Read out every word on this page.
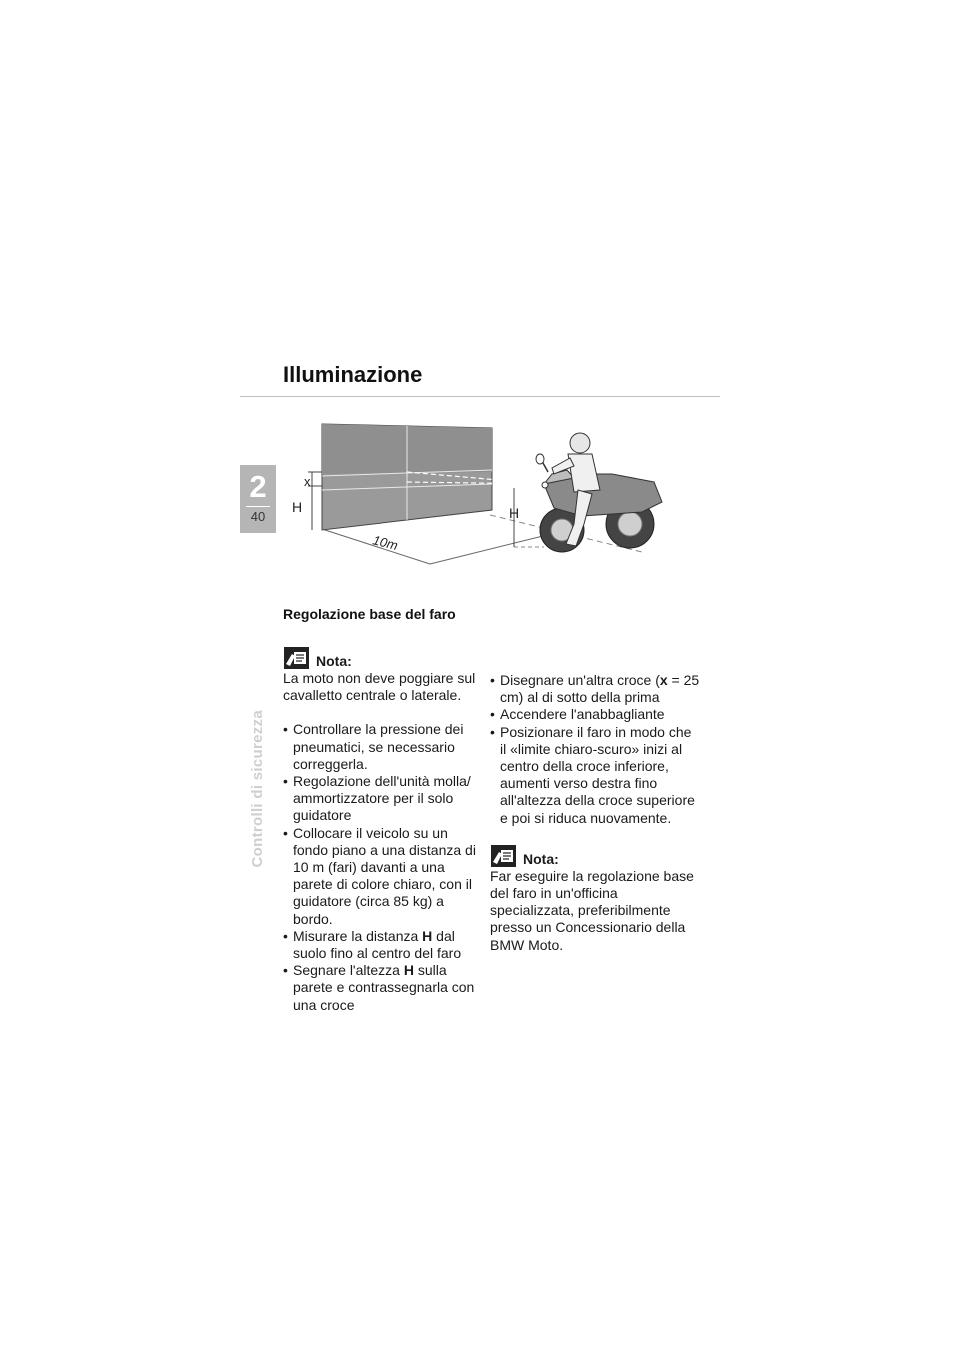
Illuminazione
2
40
Controlli di sicurezza
x
H	H
10m
Regolazione base del faro
Nota:

La moto non deve poggiare sul cavalletto centrale o laterale.

• Controllare la pressione dei pneumatici, se necessario correggerla.
• Regolazione dell'unità molla/ ammortizzatore per il solo guidatore
• Collocare il veicolo su un fondo piano a una distanza di 10 m (fari) davanti a una parete di colore chiaro, con il guidatore (circa 85 kg) a bordo.
• Misurare la distanza H dal suolo fino al centro del faro
• Segnare l'altezza H sulla parete e contrassegnarla con una croce
• Disegnare un'altra croce (x = 25 cm) al di sotto della prima
• Accendere l'anabbagliante
• Posizionare il faro in modo che il «limite chiaro-scuro» inizi al centro della croce inferiore, aumenti verso destra fino all'altezza della croce superiore e poi si riduca nuovamente.
Nota:

Far eseguire la regolazione base del faro in un'officina specializzata, preferibilmente presso un Concessionario della BMW Moto.
